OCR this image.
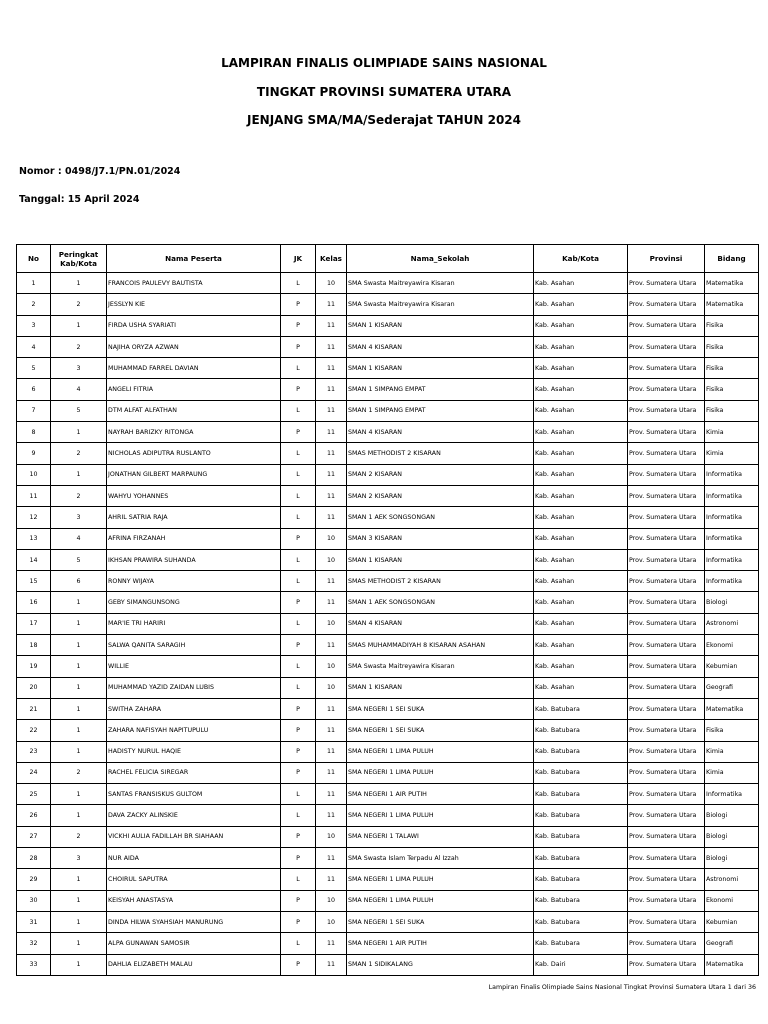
LAMPIRAN FINALIS OLIMPIADE SAINS NASIONAL
TINGKAT PROVINSI SUMATERA UTARA
JENJANG SMA/MA/Sederajat TAHUN 2024
Nomor : 0498/J7.1/PN.01/2024
Tanggal: 15 April 2024
No	Peringkat Kab/Kota	Nama Peserta	JK	Kelas	Nama_Sekolah	Kab/Kota	Provinsi	Bidang
1	1	FRANCOIS PAULEVY BAUTISTA	L	10	SMA Swasta Maitreyawira Kisaran	Kab. Asahan	Prov. Sumatera Utara	Matematika
2	2	JESSLYN KIE	P	11	SMA Swasta Maitreyawira Kisaran	Kab. Asahan	Prov. Sumatera Utara	Matematika
3	1	FIRDA USHA SYARIATI	P	11	SMAN 1 KISARAN	Kab. Asahan	Prov. Sumatera Utara	Fisika
4	2	NAJIHA ORYZA AZWAN	P	11	SMAN 4 KISARAN	Kab. Asahan	Prov. Sumatera Utara	Fisika
5	3	MUHAMMAD FARREL DAVIAN	L	11	SMAN 1 KISARAN	Kab. Asahan	Prov. Sumatera Utara	Fisika
6	4	ANGELI FITRIA	P	11	SMAN 1 SIMPANG EMPAT	Kab. Asahan	Prov. Sumatera Utara	Fisika
7	5	DTM ALFAT ALFATHAN	L	11	SMAN 1 SIMPANG EMPAT	Kab. Asahan	Prov. Sumatera Utara	Fisika
8	1	NAYRAH BARIZKY RITONGA	P	11	SMAN 4 KISARAN	Kab. Asahan	Prov. Sumatera Utara	Kimia
9	2	NICHOLAS ADIPUTRA RUSLANTO	L	11	SMAS METHODIST 2 KISARAN	Kab. Asahan	Prov. Sumatera Utara	Kimia
10	1	JONATHAN GILBERT MARPAUNG	L	11	SMAN 2 KISARAN	Kab. Asahan	Prov. Sumatera Utara	Informatika
11	2	WAHYU YOHANNES	L	11	SMAN 2 KISARAN	Kab. Asahan	Prov. Sumatera Utara	Informatika
12	3	AHRIL SATRIA RAJA	L	11	SMAN 1 AEK SONGSONGAN	Kab. Asahan	Prov. Sumatera Utara	Informatika
13	4	AFRINA FIRZANAH	P	10	SMAN 3 KISARAN	Kab. Asahan	Prov. Sumatera Utara	Informatika
14	5	IKHSAN PRAWIRA SUHANDA	L	10	SMAN 1 KISARAN	Kab. Asahan	Prov. Sumatera Utara	Informatika
15	6	RONNY WIJAYA	L	11	SMAS METHODIST 2 KISARAN	Kab. Asahan	Prov. Sumatera Utara	Informatika
16	1	GEBY SIMANGUNSONG	P	11	SMAN 1 AEK SONGSONGAN	Kab. Asahan	Prov. Sumatera Utara	Biologi
17	1	MAR'IE TRI HARIRI	L	10	SMAN 4 KISARAN	Kab. Asahan	Prov. Sumatera Utara	Astronomi
18	1	SALWA QANITA SARAGIH	P	11	SMAS MUHAMMADIYAH 8 KISARAN ASAHAN	Kab. Asahan	Prov. Sumatera Utara	Ekonomi
19	1	WILLIE	L	10	SMA Swasta Maitreyawira Kisaran	Kab. Asahan	Prov. Sumatera Utara	Kebumian
20	1	MUHAMMAD YAZID ZAIDAN LUBIS	L	10	SMAN 1 KISARAN	Kab. Asahan	Prov. Sumatera Utara	Geografi
21	1	SWITHA ZAHARA	P	11	SMA NEGERI 1 SEI SUKA	Kab. Batubara	Prov. Sumatera Utara	Matematika
22	1	ZAHARA NAFISYAH NAPITUPULU	P	11	SMA NEGERI 1 SEI SUKA	Kab. Batubara	Prov. Sumatera Utara	Fisika
23	1	HADISTY NURUL HAQIE	P	11	SMA NEGERI 1 LIMA PULUH	Kab. Batubara	Prov. Sumatera Utara	Kimia
24	2	RACHEL FELICIA SIREGAR	P	11	SMA NEGERI 1 LIMA PULUH	Kab. Batubara	Prov. Sumatera Utara	Kimia
25	1	SANTAS FRANSISKUS GULTOM	L	11	SMA NEGERI 1 AIR PUTIH	Kab. Batubara	Prov. Sumatera Utara	Informatika
26	1	DAVA ZACKY ALINSKIE	L	11	SMA NEGERI 1 LIMA PULUH	Kab. Batubara	Prov. Sumatera Utara	Biologi
27	2	VICKHI AULIA FADILLAH BR SIAHAAN	P	10	SMA NEGERI 1 TALAWI	Kab. Batubara	Prov. Sumatera Utara	Biologi
28	3	NUR AIDA	P	11	SMA Swasta Islam Terpadu Al Izzah	Kab. Batubara	Prov. Sumatera Utara	Biologi
29	1	CHOIRUL SAPUTRA	L	11	SMA NEGERI 1 LIMA PULUH	Kab. Batubara	Prov. Sumatera Utara	Astronomi
30	1	KEISYAH ANASTASYA	P	10	SMA NEGERI 1 LIMA PULUH	Kab. Batubara	Prov. Sumatera Utara	Ekonomi
31	1	DINDA HILWA SYAHSIAH MANURUNG	P	10	SMA NEGERI 1 SEI SUKA	Kab. Batubara	Prov. Sumatera Utara	Kebumian
32	1	ALPA GUNAWAN SAMOSIR	L	11	SMA NEGERI 1 AIR PUTIH	Kab. Batubara	Prov. Sumatera Utara	Geografi
33	1	DAHLIA ELIZABETH MALAU	P	11	SMAN 1 SIDIKALANG	Kab. Dairi	Prov. Sumatera Utara	Matematika
Lampiran Finalis Olimpiade Sains Nasional Tingkat Provinsi Sumatera Utara 1 dari 36
